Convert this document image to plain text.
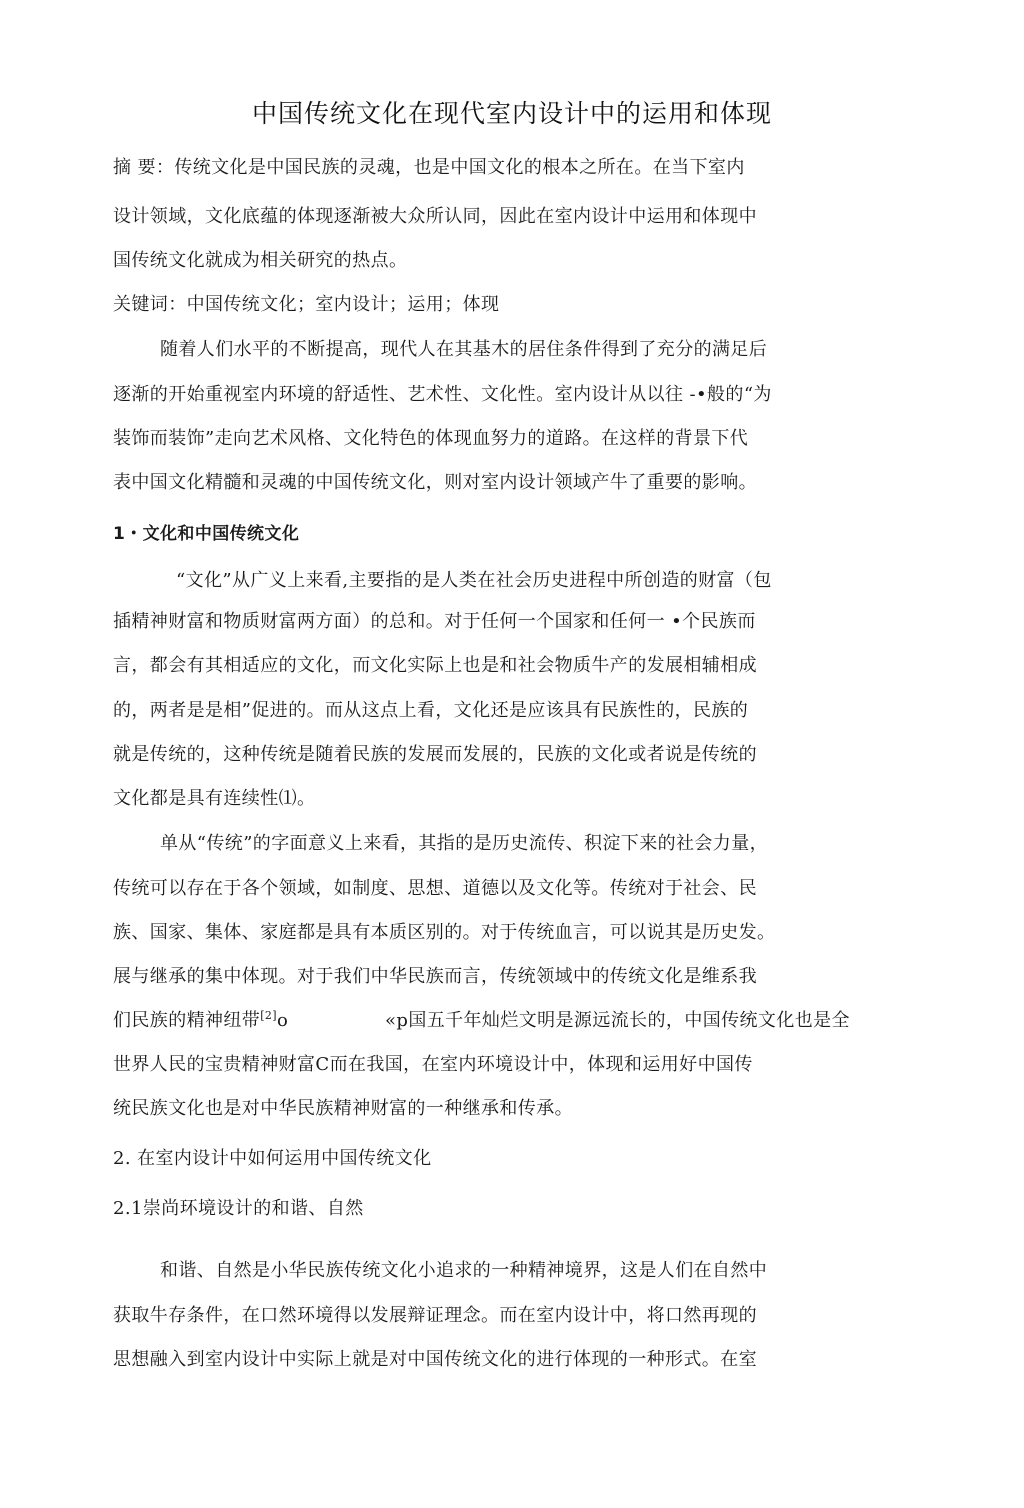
中国传统文化在现代室内设计中的运用和体现
摘 要：传统文化是中国民族的灵魂，也是中国文化的根本之所在。在当下室内
设计领域，文化底蕴的体现逐渐被大众所认同，因此在室内设计中运用和体现中
国传统文化就成为相关研究的热点。
关键词：中国传统文化；室内设计；运用；体现
随着人们水平的不断提高，现代人在其基木的居住条件得到了充分的满足后
逐渐的开始重视室内环境的舒适性、艺术性、文化性。室内设计从以往 -•般的“为
装饰而装饰”走向艺术风格、文化特色的体现血努力的道路。在这样的背景下代
表中国文化精髓和灵魂的中国传统文化，则对室内设计领域产牛了重要的影响。
1・文化和中国传统文化
“文化”从广义上来看,主要指的是人类在社会历史进程中所创造的财富（包
插精神财富和物质财富两方面）的总和。对于任何一个国家和任何一 •个民族而
言，都会有其相适应的文化，而文化实际上也是和社会物质牛产的发展相辅相成
的，两者是是相”促进的。而从这点上看，文化还是应该具有民族性的，民族的
就是传统的，这种传统是随着民族的发展而发展的，民族的文化或者说是传统的
文化都是具有连续性⑴。
单从“传统”的字面意义上来看，其指的是历史流传、积淀下来的社会力量，
传统可以存在于各个领域，如制度、思想、道德以及文化等。传统对于社会、民
族、国家、集体、家庭都是具有本质区别的。对于传统血言，可以说其是历史发。
展与继承的集中体现。对于我们中华民族而言，传统领域中的传统文化是维系我
们民族的精神纽带[2]o	«p国五千年灿烂文明是源远流长的，中国传统文化也是全
世界人民的宝贵精神财富C而在我国，在室内环境设计中，体现和运用好中国传
统民族文化也是对中华民族精神财富的一种继承和传承。
2. 在室内设计中如何运用中国传统文化
2.1崇尚环境设计的和谐、自然
和谐、自然是小华民族传统文化小追求的一种精神境界，这是人们在自然中
获取牛存条件，在口然环境得以发展辩证理念。而在室内设计中，将口然再现的
思想融入到室内设计中实际上就是对中国传统文化的进行体现的一种形式。在室
